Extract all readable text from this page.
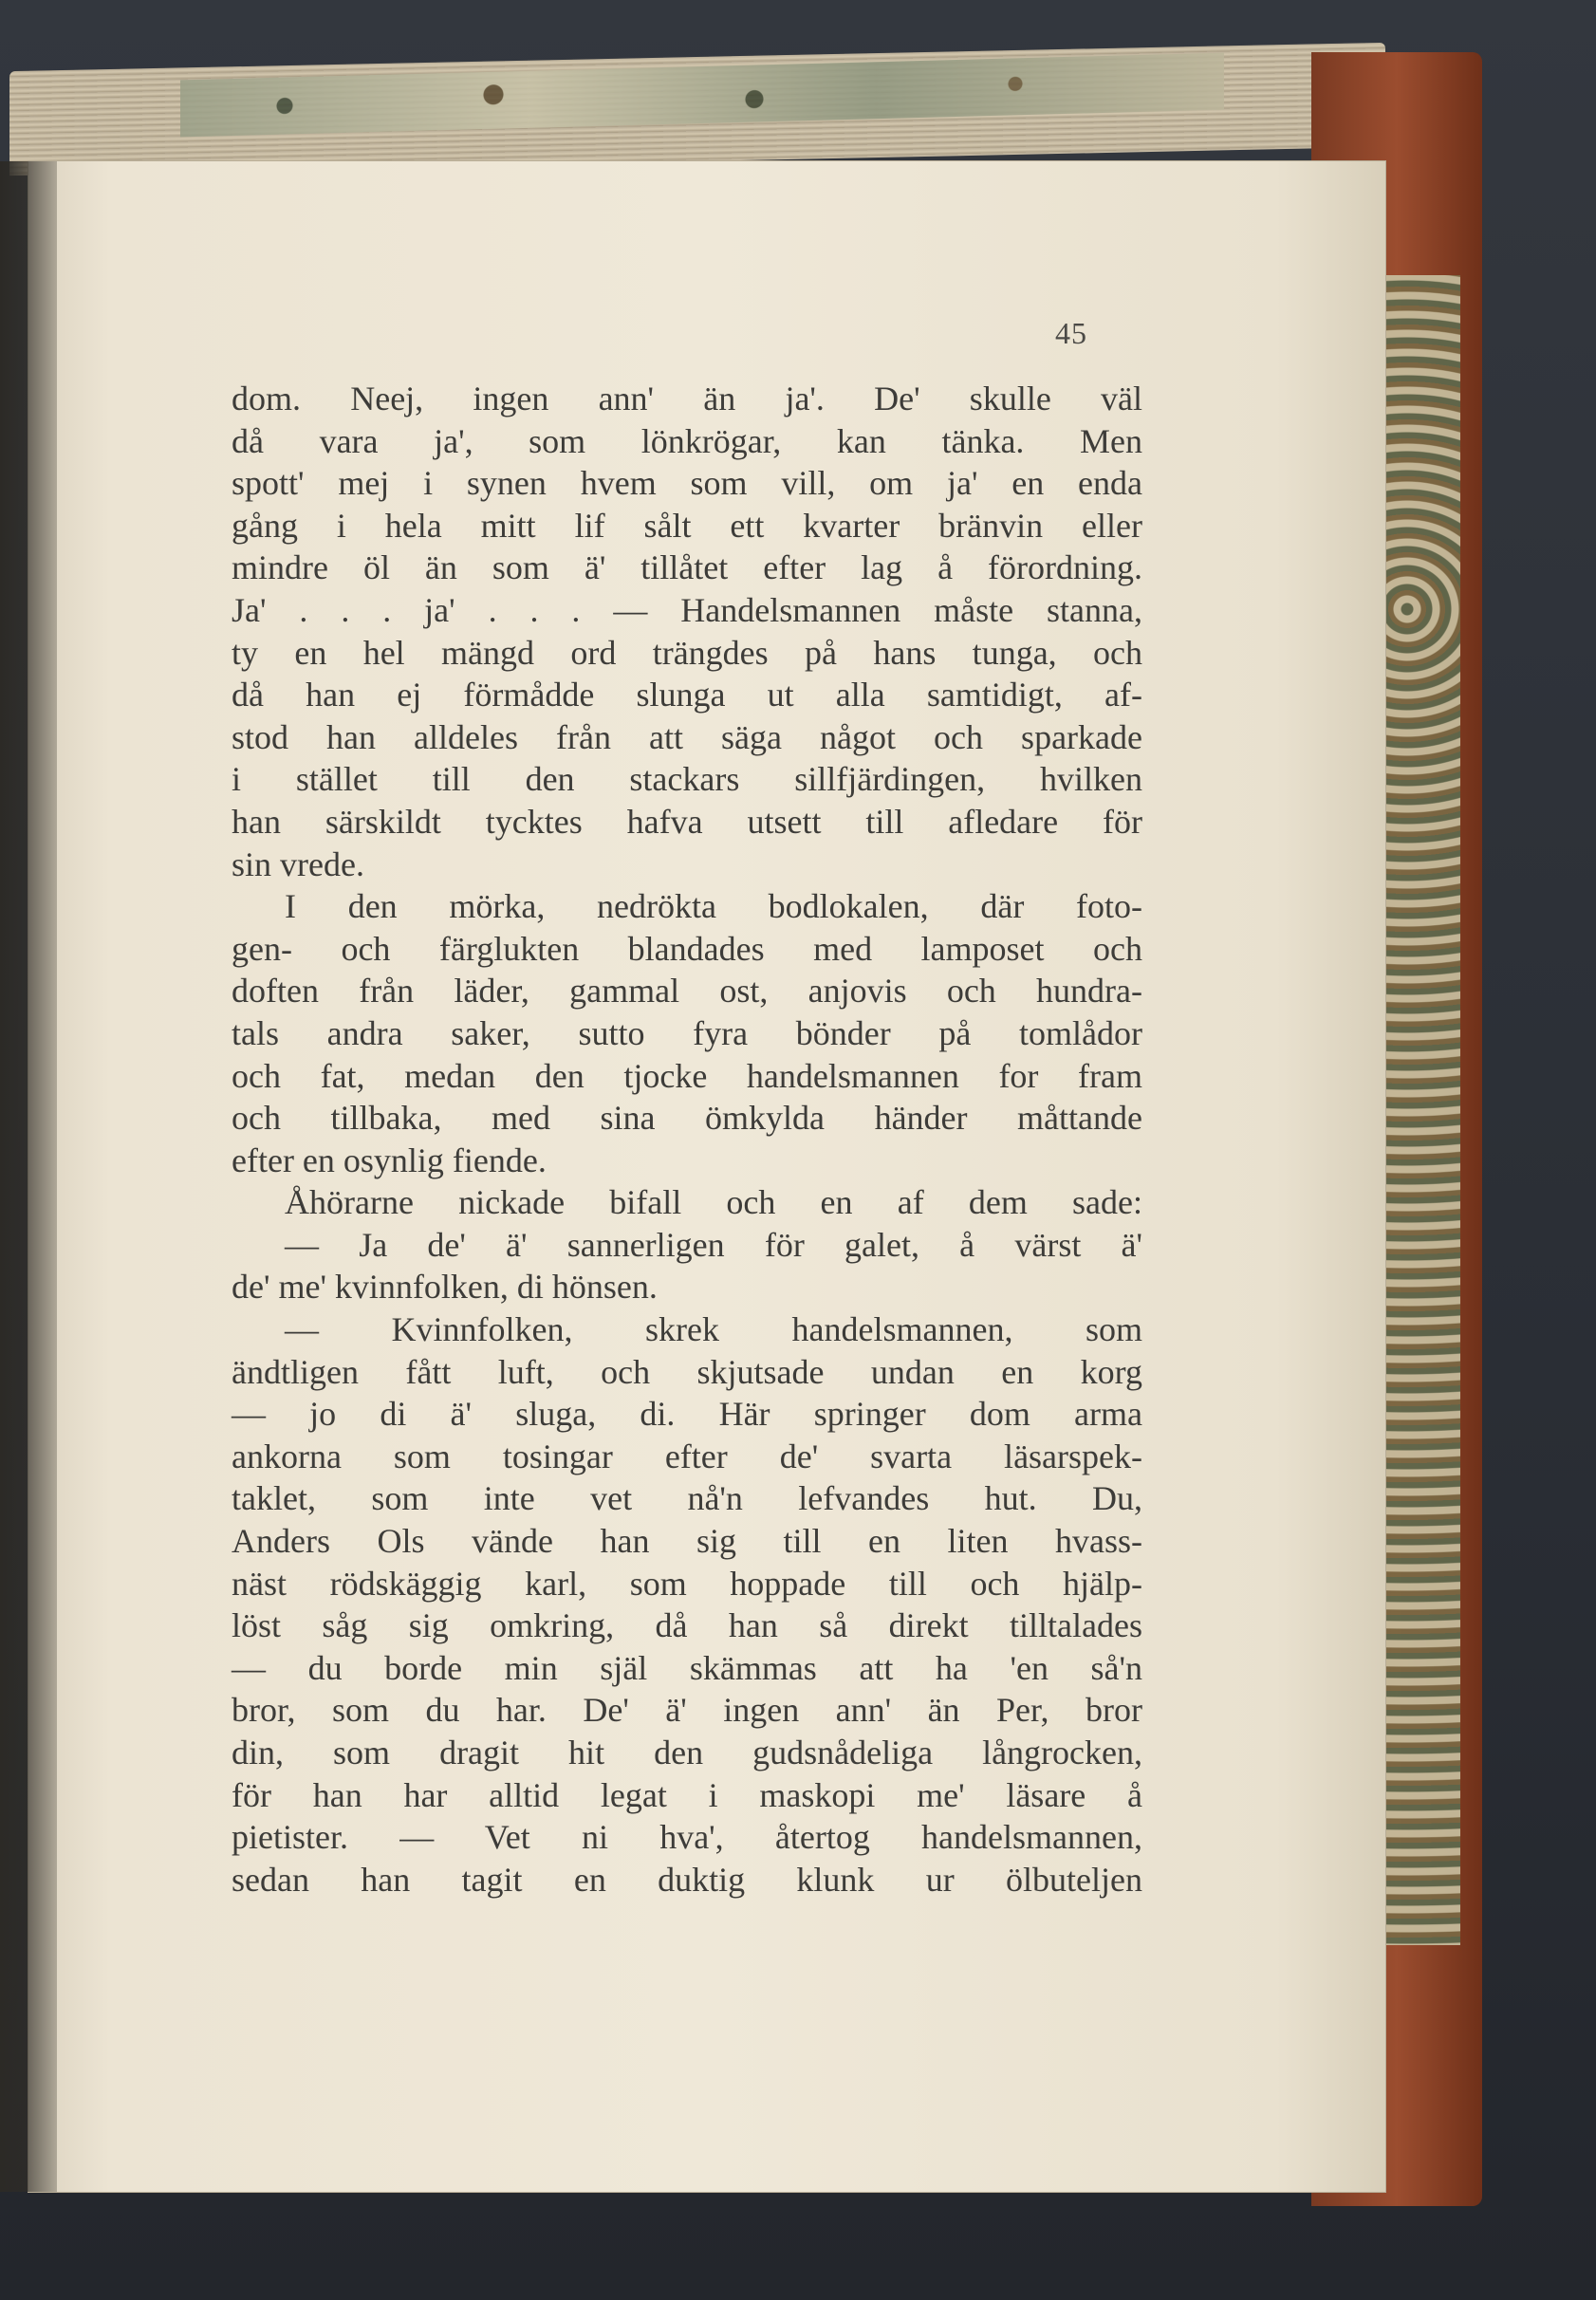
45
dom. Neej, ingen ann' än ja'. De' skulle väl
då vara ja', som lönkrögar, kan tänka. Men
spott' mej i synen hvem som vill, om ja' en enda
gång i hela mitt lif sålt ett kvarter bränvin eller
mindre öl än som ä' tillåtet efter lag å förordning.
Ja' . . . ja' . . . — Handelsmannen måste stanna,
ty en hel mängd ord trängdes på hans tunga, och
då han ej förmådde slunga ut alla samtidigt, af-
stod han alldeles från att säga något och sparkade
i stället till den stackars sillfjärdingen, hvilken
han särskildt tycktes hafva utsett till afledare för
sin vrede.
I den mörka, nedrökta bodlokalen, där foto-
gen- och färglukten blandades med lamposet och
doften från läder, gammal ost, anjovis och hundra-
tals andra saker, sutto fyra bönder på tomlådor
och fat, medan den tjocke handelsmannen for fram
och tillbaka, med sina ömkylda händer måttande
efter en osynlig fiende.
Åhörarne nickade bifall och en af dem sade:
— Ja de' ä' sannerligen för galet, å värst ä'
de' me' kvinnfolken, di hönsen.
— Kvinnfolken, skrek handelsmannen, som
ändtligen fått luft, och skjutsade undan en korg
— jo di ä' sluga, di. Här springer dom arma
ankorna som tosingar efter de' svarta läsarspek-
taklet, som inte vet nå'n lefvandes hut. Du,
Anders Ols vände han sig till en liten hvass-
näst rödskäggig karl, som hoppade till och hjälp-
löst såg sig omkring, då han så direkt tilltalades
— du borde min själ skämmas att ha 'en så'n
bror, som du har. De' ä' ingen ann' än Per, bror
din, som dragit hit den gudsnådeliga långrocken,
för han har alltid legat i maskopi me' läsare å
pietister. — Vet ni hva', återtog handelsmannen,
sedan han tagit en duktig klunk ur ölbuteljen
